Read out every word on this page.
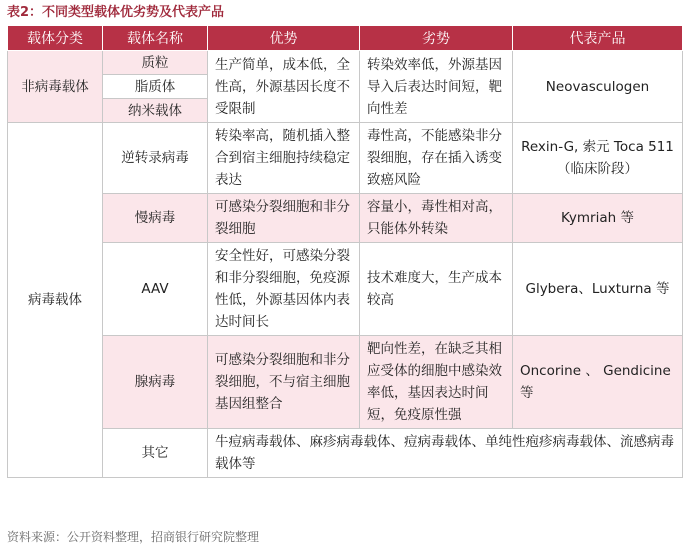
表2：不同类型载体优劣势及代表产品
载体分类	载体名称	优势	劣势	代表产品
非病毒载体	质粒	生产简单，成本低，全性高，外源基因长度不受限制	转染效率低，外源基因导入后表达时间短，靶向性差	Neovasculogen
	脂质体			
	纳米载体			
病毒载体	逆转录病毒	转染率高，随机插入整合到宿主细胞持续稳定表达	毒性高，不能感染非分裂细胞，存在插入诱变致癌风险	Rexin-G, 索元 Toca 511（临床阶段）
	慢病毒	可感染分裂细胞和非分裂细胞	容量小，毒性相对高，只能体外转染	Kymriah 等
	AAV	安全性好，可感染分裂和非分裂细胞，免疫源性低，外源基因体内表达时间长	技术难度大，生产成本较高	Glybera、Luxturna 等
	腺病毒	可感染分裂细胞和非分裂细胞，不与宿主细胞基因组整合	靶向性差，在缺乏其相应受体的细胞中感染效率低，基因表达时间短，免疫原性强	Oncorine 、 Gendicine 等
	其它	牛痘病毒载体、麻疹病毒载体、痘病毒载体、单纯性疱疹病毒载体、流感病毒载体等		
资料来源：公开资料整理，招商银行研究院整理
